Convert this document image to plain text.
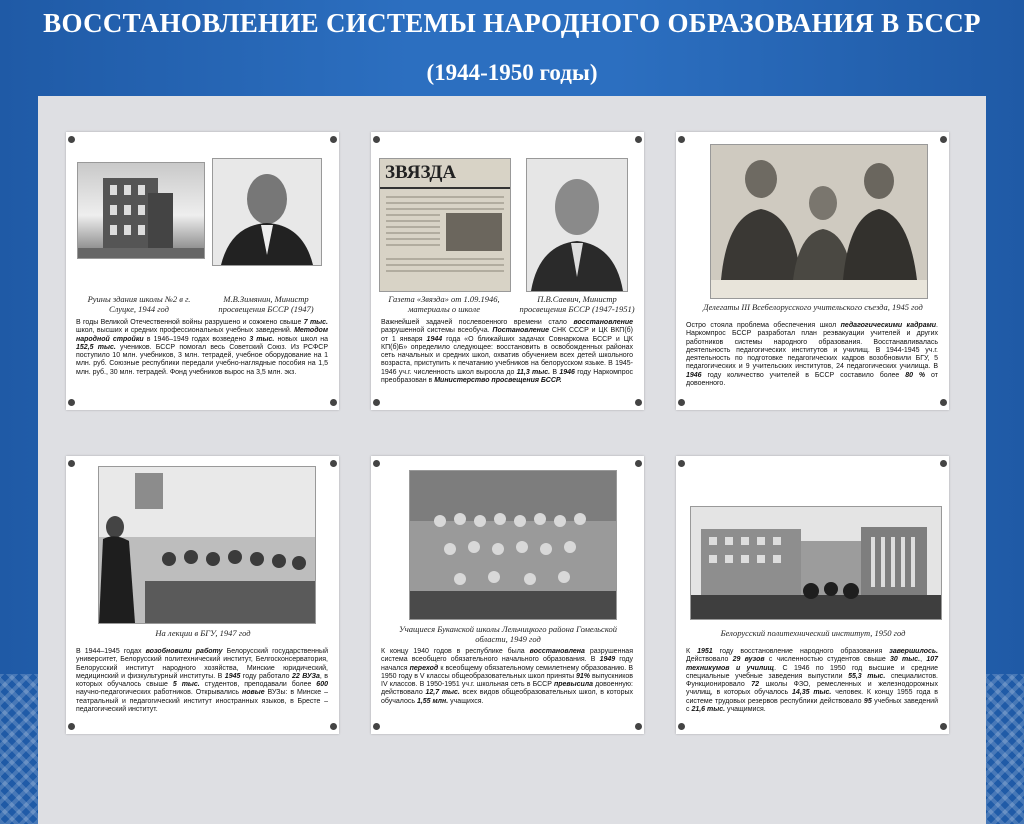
ВОССТАНОВЛЕНИЕ СИСТЕМЫ НАРОДНОГО ОБРАЗОВАНИЯ В БССР
(1944-1950 годы)

Руины здания школы №2 в г. Слуцке, 1944 год

М.В.Зимянин, Министр просвещения БССР (1947)

В годы Великой Отечественной войны разрушено и сожжено свыше 7 тыс. школ, высших и средних профессиональных учебных заведений. Методом народной стройки в 1946–1949 годах возведено 3 тыс. новых школ на 152,5 тыс. учеников. БССР помогал весь Советский Союз. Из РСФСР поступило 10 млн. учебников, 3 млн. тетрадей, учебное оборудование на 1 млн. руб. Союзные республики передали учебно-наглядные пособия на 1,5 млн. руб., 30 млн. тетрадей. Фонд учебников вырос на 3,5 млн. экз.

ЗВЯЗДА

Газета «Звязда» от 1.09.1946, материалы о школе

П.В.Саевич, Министр просвещения БССР (1947-1951)

Важнейшей задачей послевоенного времени стало восстановление разрушенной системы всеобуча. Постановление СНК СССР и ЦК ВКП(б) от 1 января 1944 года «О ближайших задачах Совнаркома БССР и ЦК КП(б)Б» определило следующее: восстановить в освобожденных районах сеть начальных и средних школ, охватив обучением всех детей школьного возраста, приступить к печатанию учебников на белорусском языке. В 1945-1946 уч.г. численность школ выросла до 11,3 тыс. В 1946 году Наркомпрос преобразован в Министерство просвещения БССР.

Делегаты III Всебелорусского учительского съезда, 1945 год

Остро стояла проблема обеспечения школ педагогическими кадрами. Наркомпрос БССР разработал план реэвакуации учителей и других работников системы народного образования. Восстанавливалась деятельность педагогических институтов и училищ. В 1944-1945 уч.г. деятельность по подготовке педагогических кадров возобновили БГУ, 5 педагогических и 9 учительских институтов, 24 педагогических училища. В 1946 году количество учителей в БССР составило более 80 % от довоенного.

На лекции в БГУ, 1947 год

В 1944–1945 годах возобновили работу Белорусский государственный университет, Белорусский политехнический институт, Белгосконсерватория, Белорусский институт народного хозяйства, Минские юридический, медицинский и физкультурный институты. В 1945 году работало 22 ВУЗа, в которых обучалось свыше 5 тыс. студентов, преподавали более 600 научно-педагогических работников. Открывались новые ВУЗы: в Минске – театральный и педагогический институт иностранных языков, в Бресте – педагогический институт.

Учащиеся Буканской школы Лельчицкого района Гомельской области, 1949 год

К концу 1940 годов в республике была восстановлена разрушенная система всеобщего обязательного начального образования. В 1949 году начался переход к всеобщему обязательному семилетнему образованию. В 1950 году в V классы общеобразовательных школ приняты 91% выпускников IV классов. В 1950-1951 уч.г. школьная сеть в БССР превысила довоенную: действовало 12,7 тыс. всех видов общеобразовательных школ, в которых обучалось 1,55 млн. учащихся.

Белорусский политехнический институт, 1950 год

К 1951 году восстановление народного образования завершилось. Действовало 29 вузов с численностью студентов свыше 30 тыс., 107 техникумов и училищ. С 1946 по 1950 год высшие и средние специальные учебные заведения выпустили 55,3 тыс. специалистов. Функционировало 72 школы ФЗО, ремесленных и железнодорожных училищ, в которых обучалось 14,35 тыс. человек. К концу 1955 года в системе трудовых резервов республики действовало 95 учебных заведений с 21,6 тыс. учащимися.
